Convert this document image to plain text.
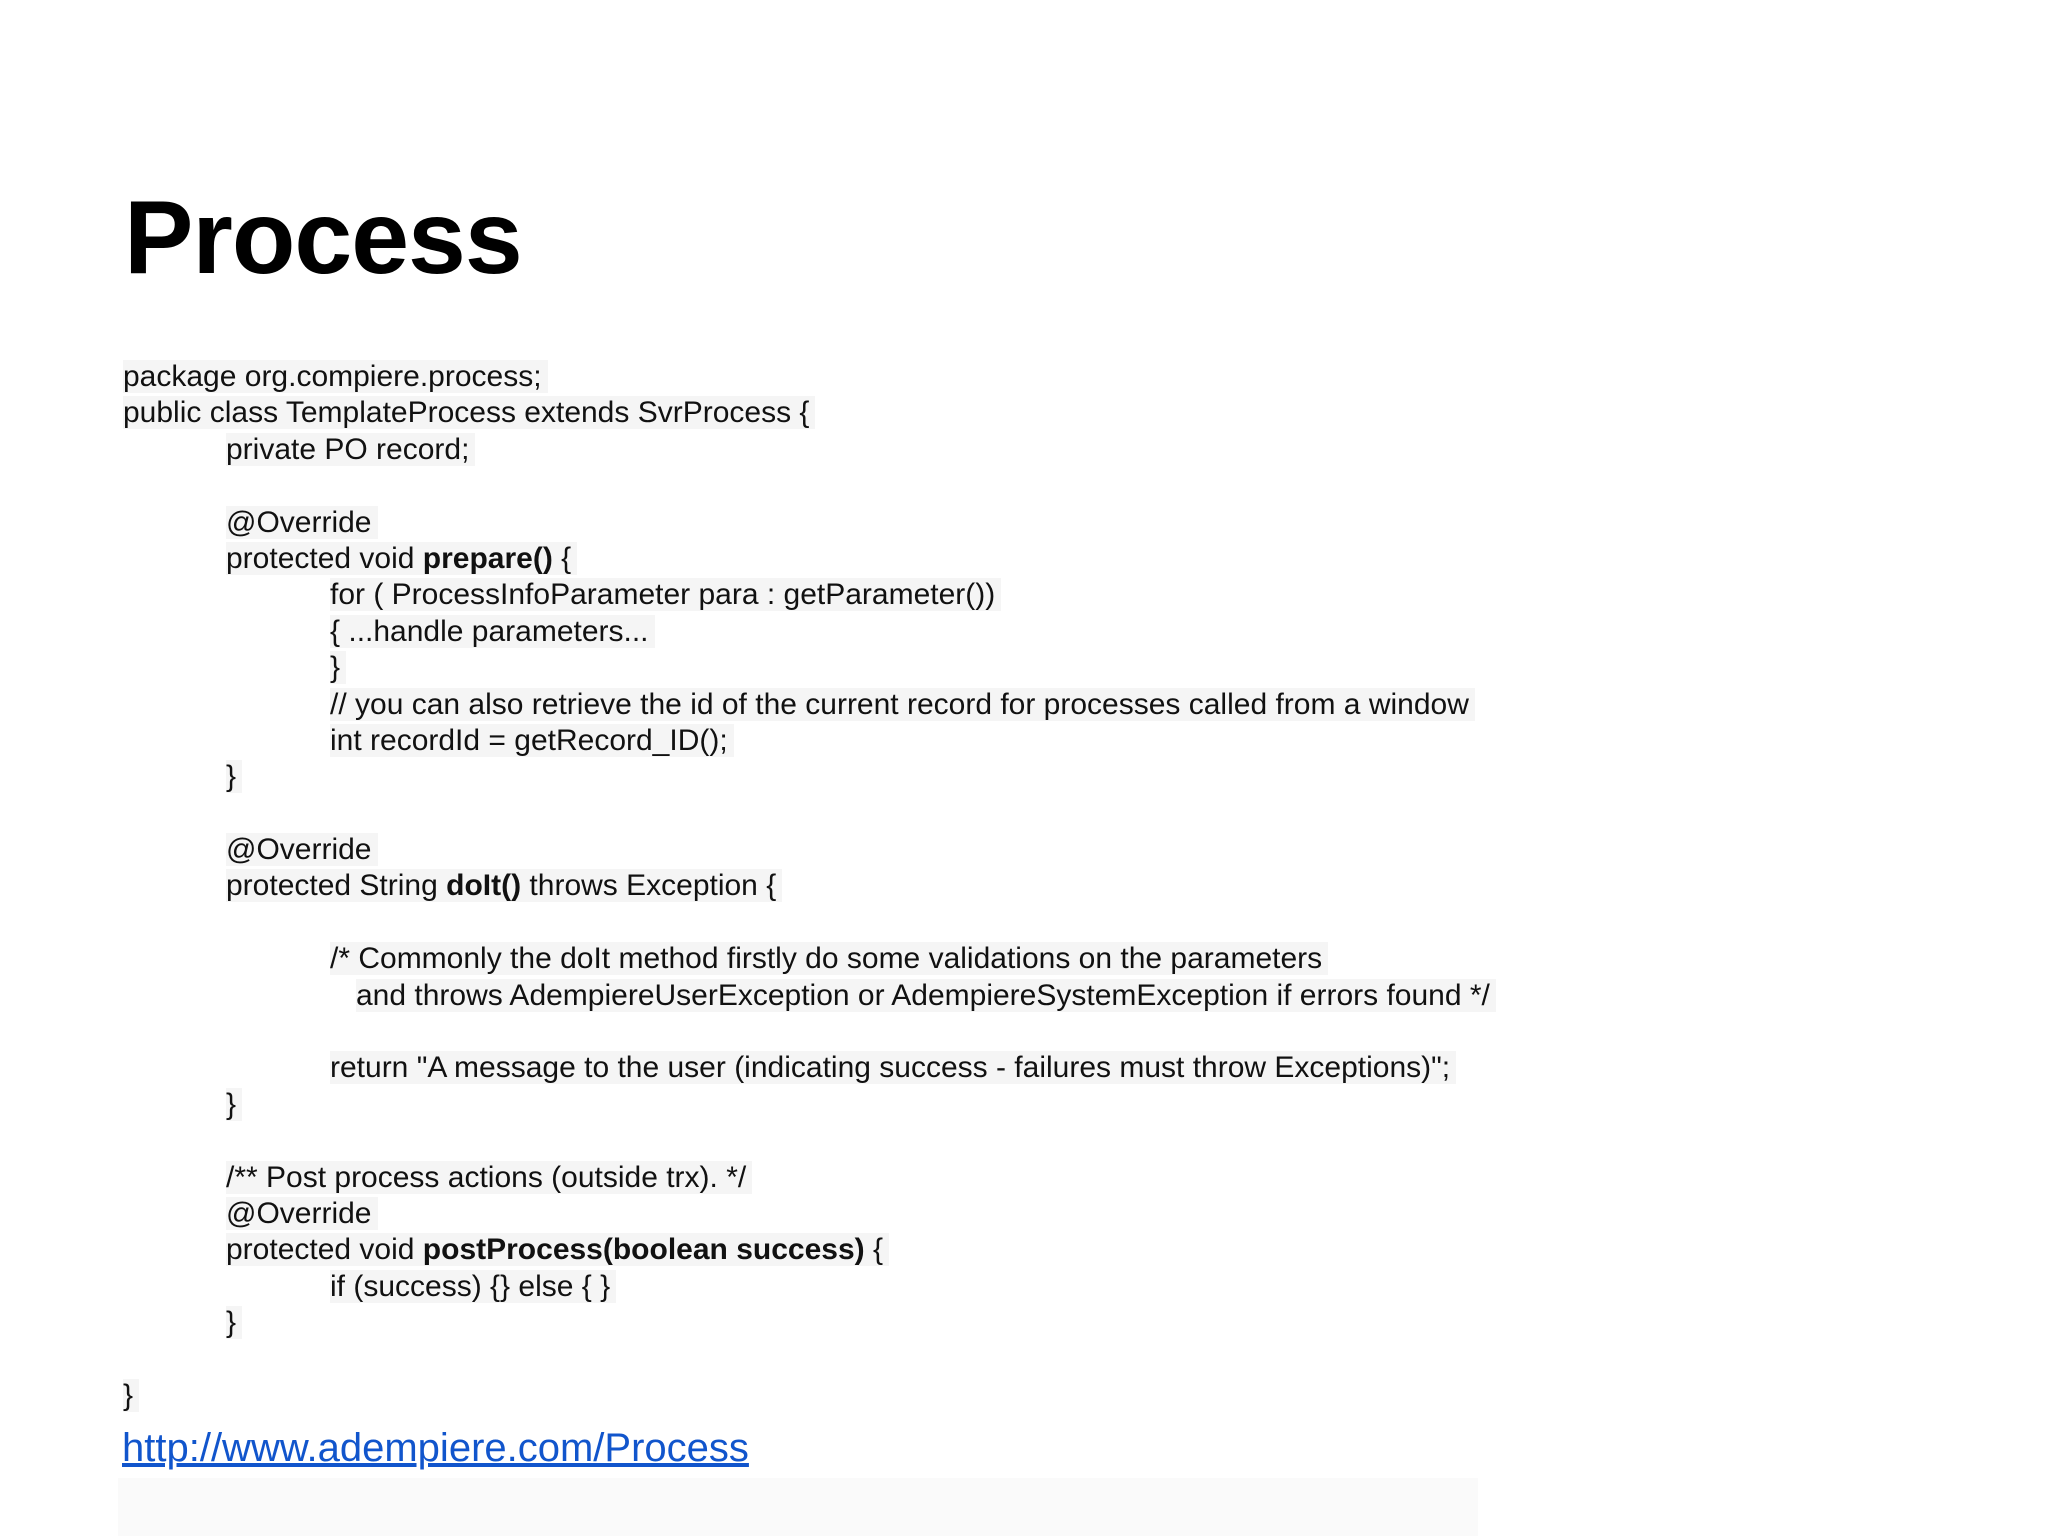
Process
package org.compiere.process;
public class TemplateProcess extends SvrProcess {
private PO record;
@Override
protected void prepare() {
for ( ProcessInfoParameter para : getParameter())
{ ...handle parameters...
}
// you can also retrieve the id of the current record for processes called from a window
int recordId = getRecord_ID();
}
@Override
protected String doIt() throws Exception {
/* Commonly the doIt method firstly do some validations on the parameters
and throws AdempiereUserException or AdempiereSystemException if errors found */
return "A message to the user (indicating success - failures must throw Exceptions)";
}
/** Post process actions (outside trx). */
@Override
protected void postProcess(boolean success) {
if (success) {} else { }
}
}
http://www.adempiere.com/Process
